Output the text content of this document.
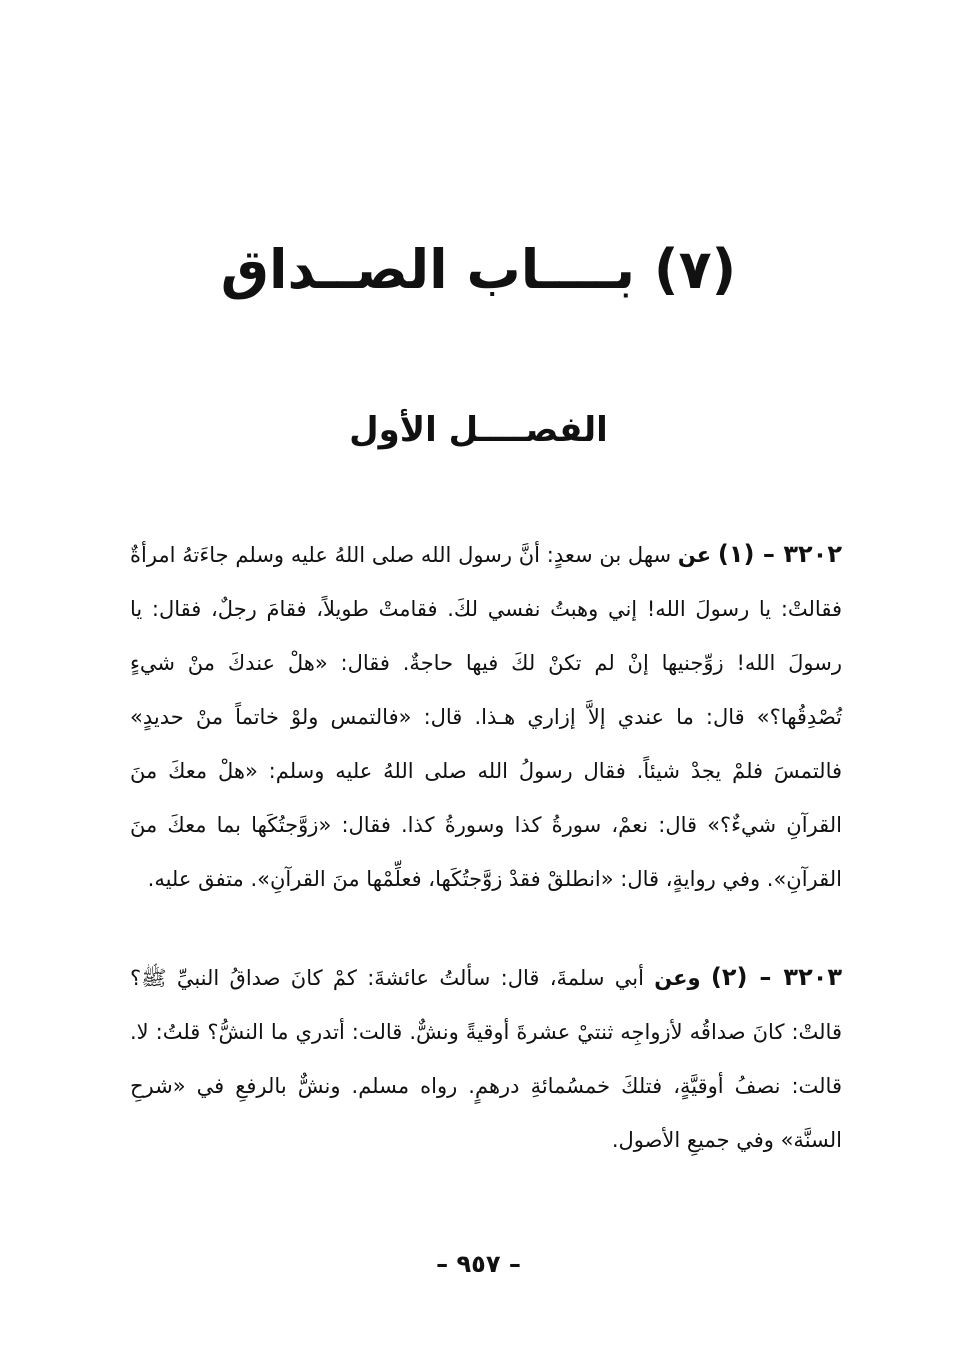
(٧) بــــاب الصــداق
الفصــــل الأول
٣٢٠٢ – (١) عن سهل بن سعدٍ: أنَّ رسول الله صلى اللهُ عليه وسلم جاءَتهُ امرأةٌ فقالتْ: يا رسولَ الله! إني وهبتُ نفسي لكَ. فقامتْ طويلاً، فقامَ رجلٌ، فقال: يا رسولَ الله! زوِّجنيها إنْ لم تكنْ لكَ فيها حاجةٌ. فقال: «هلْ عندكَ منْ شيءٍ تُصْدِقُها؟» قال: ما عندي إلاَّ إزاري هـذا. قال: «فالتمس ولوْ خاتماً منْ حديدٍ» فالتمسَ فلمْ يجدْ شيئاً. فقال رسولُ الله صلى اللهُ عليه وسلم: «هلْ معكَ منَ القرآنِ شيءٌ؟» قال: نعمْ، سورةُ كذا وسورةُ كذا. فقال: «زوَّجتُكَها بما معكَ منَ القرآنِ». وفي روايةٍ، قال: «انطلقْ فقدْ زوَّجتُكَها، فعلِّمْها منَ القرآنِ». متفق عليه.
٣٢٠٣ – (٢) وعن أبي سلمةَ، قال: سألتُ عائشةَ: كمْ كانَ صداقُ النبيِّ ﷺ؟ قالتْ: كانَ صداقُه لأزواجِه ثنتيْ عشرةَ أوقيةً ونشٌّ. قالت: أتدري ما النشُّ؟ قلتُ: لا. قالت: نصفُ أوقيَّةٍ، فتلكَ خمسُمائةِ درهمٍ. رواه مسلم. ونشٌّ بالرفعِ في «شرحِ السنَّة» وفي جميعِ الأصول.
– ٩٥٧ –
